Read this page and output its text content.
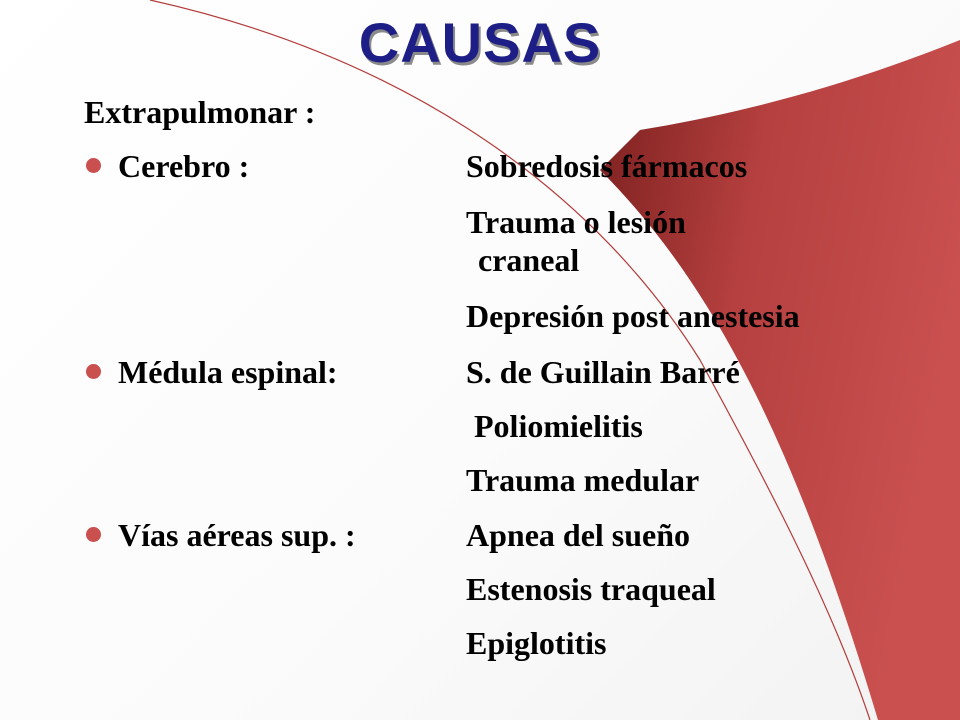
CAUSAS
Extrapulmonar :
Cerebro :	Sobredosis fármacos
Trauma o lesión
craneal
Depresión post anestesia
Médula espinal:	S. de Guillain Barré
Poliomielitis
Trauma medular
Vías aéreas sup. :	Apnea del sueño
Estenosis traqueal
Epiglotitis
